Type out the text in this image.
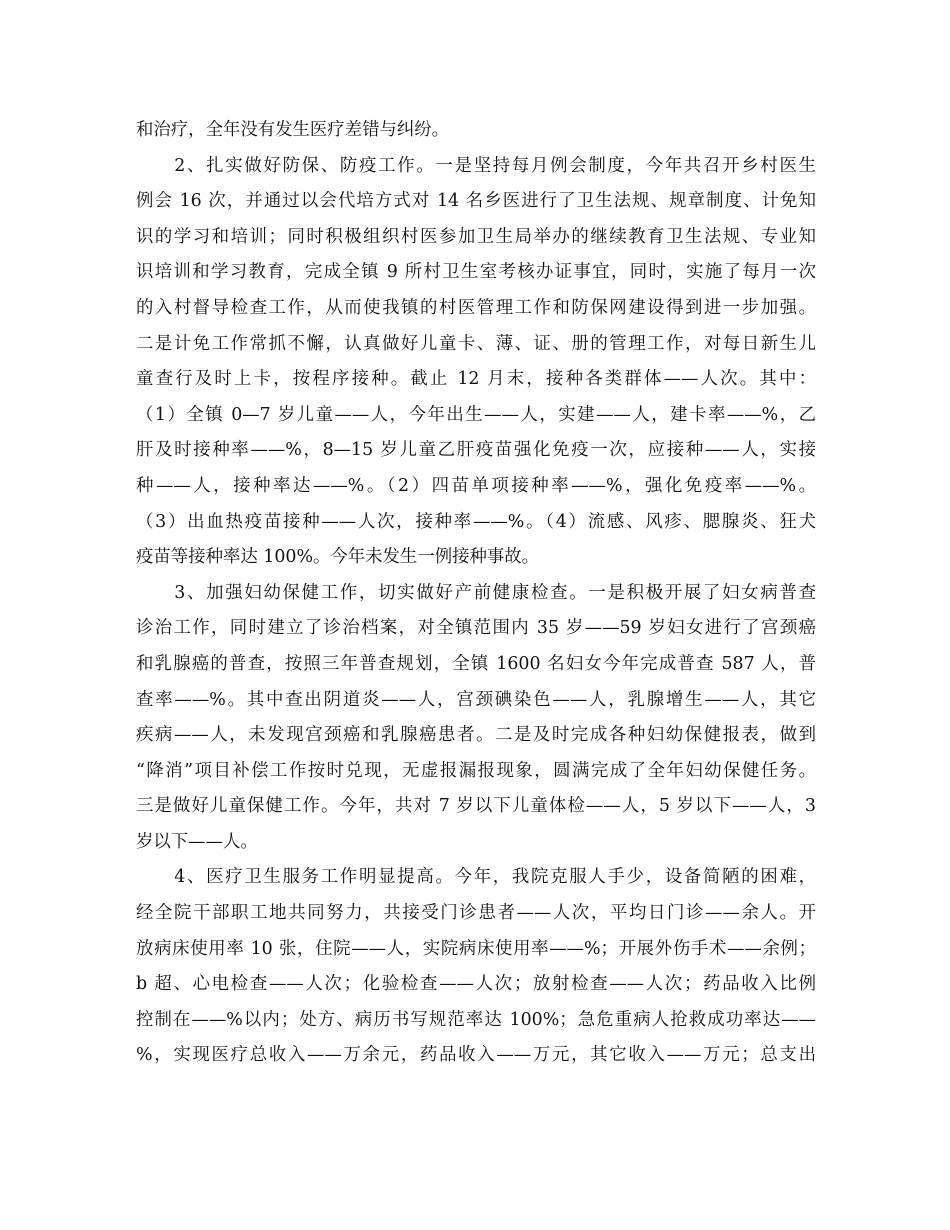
和治疗，全年没有发生医疗差错与纠纷。
　　2、扎实做好防保、防疫工作。一是坚持每月例会制度，今年共召开乡村医生
例会 16 次，并通过以会代培方式对 14 名乡医进行了卫生法规、规章制度、计免知
识的学习和培训；同时积极组织村医参加卫生局举办的继续教育卫生法规、专业知
识培训和学习教育，完成全镇 9 所村卫生室考核办证事宜，同时，实施了每月一次
的入村督导检查工作，从而使我镇的村医管理工作和防保网建设得到进一步加强。
二是计免工作常抓不懈，认真做好儿童卡、薄、证、册的管理工作，对每日新生儿
童查行及时上卡，按程序接种。截止 12 月末，接种各类群体——人次。其中：
（1）全镇 0—7 岁儿童——人，今年出生——人，实建——人，建卡率——%，乙
肝及时接种率——%，8—15 岁儿童乙肝疫苗强化免疫一次，应接种——人，实接
种——人，接种率达——%。（2）四苗单项接种率——%，强化免疫率——%。
（3）出血热疫苗接种——人次，接种率——%。（4）流感、风疹、腮腺炎、狂犬
疫苗等接种率达 100%。今年未发生一例接种事故。
　　3、加强妇幼保健工作，切实做好产前健康检查。一是积极开展了妇女病普查
诊治工作，同时建立了诊治档案，对全镇范围内 35 岁——59 岁妇女进行了宫颈癌
和乳腺癌的普查，按照三年普查规划，全镇 1600 名妇女今年完成普查 587 人，普
查率——%。其中查出阴道炎——人，宫颈碘染色——人，乳腺增生——人，其它
疾病——人，未发现宫颈癌和乳腺癌患者。二是及时完成各种妇幼保健报表，做到
“降消”项目补偿工作按时兑现，无虚报漏报现象，圆满完成了全年妇幼保健任务。
三是做好儿童保健工作。今年，共对 7 岁以下儿童体检——人，5 岁以下——人，3
岁以下——人。
　　4、医疗卫生服务工作明显提高。今年，我院克服人手少，设备简陋的困难，
经全院干部职工地共同努力，共接受门诊患者——人次，平均日门诊——余人。开
放病床使用率 10 张，住院——人，实院病床使用率——%；开展外伤手术——余例；
b 超、心电检查——人次；化验检查——人次；放射检查——人次；药品收入比例
控制在——%以内；处方、病历书写规范率达 100%；急危重病人抢救成功率达——
%，实现医疗总收入——万余元，药品收入——万元，其它收入——万元；总支出
